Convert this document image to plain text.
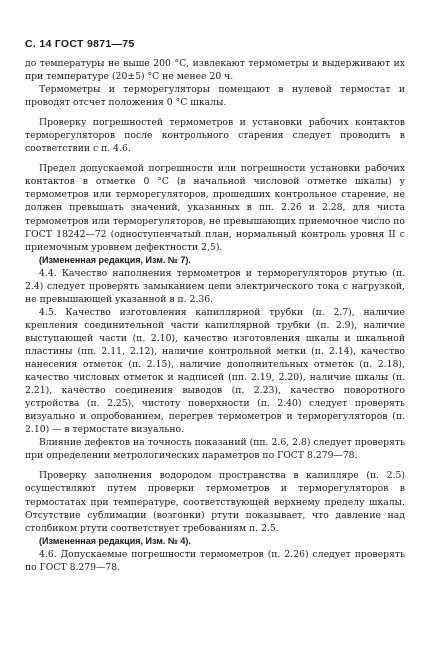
С. 14 ГОСТ 9871—75

до температуры не выше 200 °С, извлекают термометры и выдерживают их при температуре (20±5) °С не менее 20 ч.

Термометры и терморегуляторы помещают в нулевой термостат и проводят отсчет положения 0 °С шкалы.

Проверку погрешностей термометров и установки рабочих контактов терморегуляторов после контрольного старения следует проводить в соответствии с п. 4.6.

Предел допускаемой погрешности или погрешности установки рабочих контактов в отметке 0 °С (в начальной числовой отметке шкалы) у термометров или терморегуляторов, прошедших контрольное старение, не должен превышать значений, указанных в пп. 2.26 и 2.28, для чиста термометров или терморегуляторов, не превышающих приемочное число по ГОСТ 18242—72 (одноступенчатый план, нормальный контроль уровня II с приемочным уровнем дефектности 2,5).

(Измененная редакция, Изм. № 7).

4.4. Качество наполнения термометров и терморегуляторов ртутью (п. 2.4) следует проверять замыканием цепи электрического тока с нагрузкой, не превышающей указанной в п. 2.36.

4.5. Качество изготовления капиллярной трубки (п. 2.7), наличие крепления соединительной части капиллярной трубки (п. 2.9), наличие выступающей части (п. 2.10), качество изготовления шкалы и шкальной пластины (пп. 2.11, 2.12), наличие контрольной метки (п. 2.14), качество нанесения отметок (п. 2.15), наличие дополнительных отметок (п. 2.18), качество числовых отметок и надписей (пп. 2.19, 2.20), наличие шкалы (п. 2.21), качество соединения выводов (п. 2.23), качество поворотного устройства (п. 2.25), чистоту поверхности (п. 2.40) следует проверять визуально и опробованием, перегрев термометров и терморегуляторов (п. 2.10) — в термостате визуально.

Влияние дефектов на точность показаний (пп. 2.6, 2.8) следует проверять при определении метрологических параметров по ГОСТ 8.279—78.

Проверку заполнения водородом пространства в капилляре (п. 2.5) осуществляют путем проверки термометров и терморегуляторов в термостатах при температуре, соответствующей верхнему пределу шкалы. Отсутствие сублимации (возгонки) ртути показывает, что давление над столбиком ртути соответствует требованиям п. 2.5.

(Измененная редакция, Изм. № 4).

4.6. Допускаемые погрешности термометров (п. 2.26) следует проверять по ГОСТ 8.279—78.
